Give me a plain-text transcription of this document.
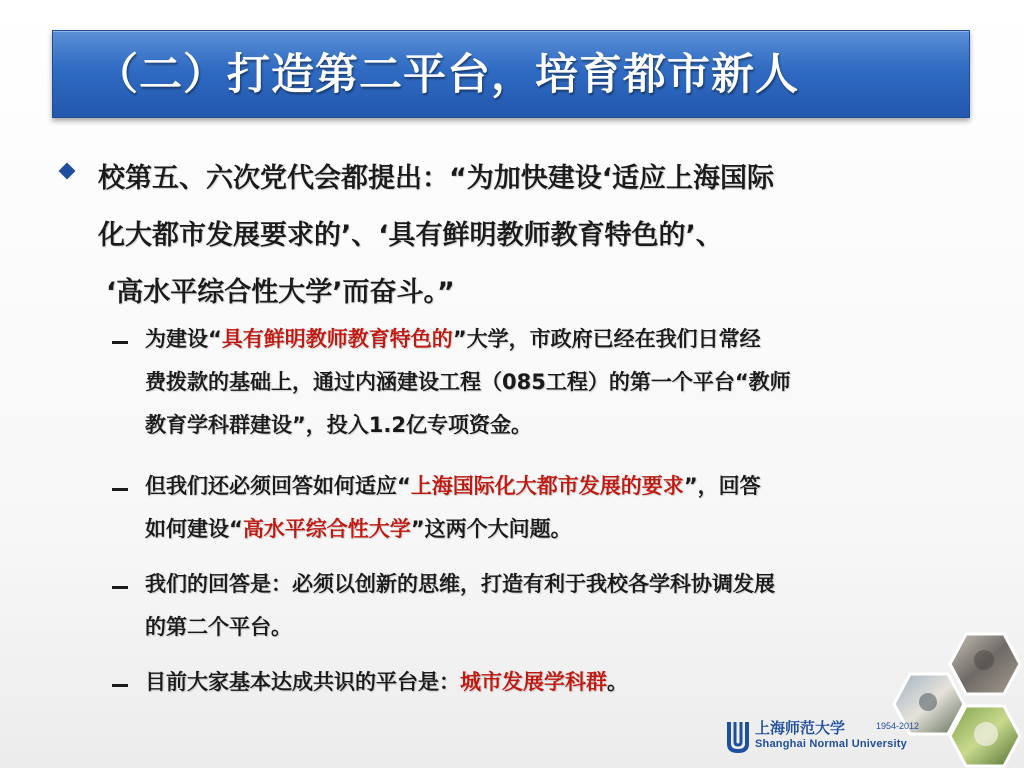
（二）打造第二平台，培育都市新人
校第五、六次党代会都提出：“为加快建设‘适应上海国际
化大都市发展要求的’、‘具有鲜明教师教育特色的’、
‘高水平综合性大学’而奋斗。”
为建设“具有鲜明教师教育特色的”大学，市政府已经在我们日常经
费拨款的基础上，通过内涵建设工程（085工程）的第一个平台“教师
教育学科群建设”，投入1.2亿专项资金。
但我们还必须回答如何适应“上海国际化大都市发展的要求”，回答
如何建设“高水平综合性大学”这两个大问题。
我们的回答是：必须以创新的思维，打造有利于我校各学科协调发展
的第二个平台。
目前大家基本达成共识的平台是：城市发展学科群。
上海师范大学	1954-2012
Shanghai Normal University
